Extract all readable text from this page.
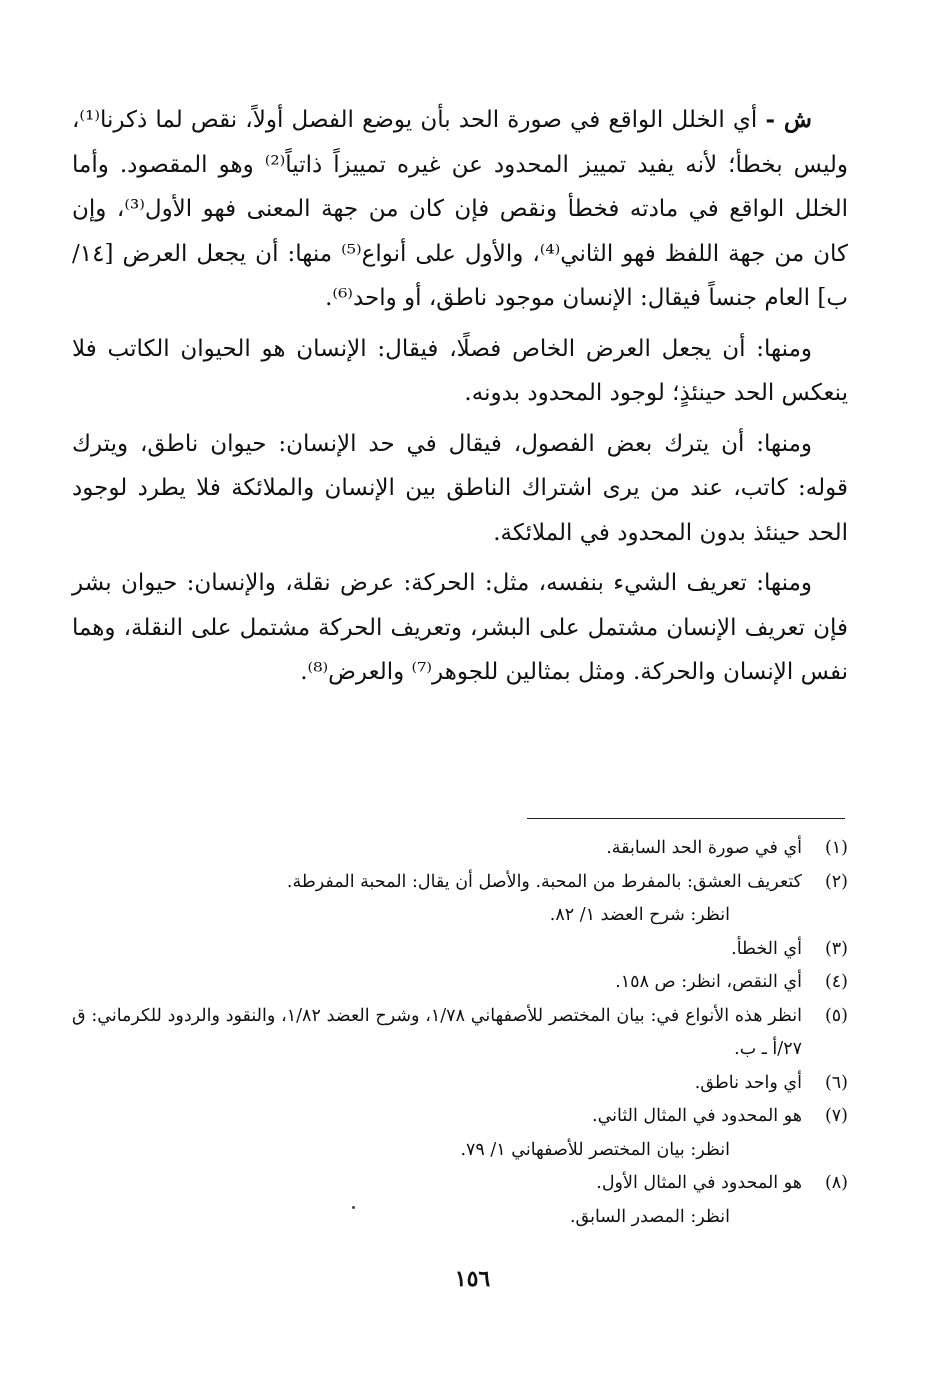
ش - أي الخلل الواقع في صورة الحد بأن يوضع الفصل أولاً، نقص لما ذكرنا⁽¹⁾، وليس بخطأ؛ لأنه يفيد تمييز المحدود عن غيره تمييزاً ذاتياً⁽²⁾ وهو المقصود. وأما الخلل الواقع في مادته فخطأ ونقص فإن كان من جهة المعنى فهو الأول⁽³⁾، وإن كان من جهة اللفظ فهو الثاني⁽⁴⁾، والأول على أنواع⁽⁵⁾ منها: أن يجعل العرض [١٤/ب] العام جنساً فيقال: الإنسان موجود ناطق، أو واحد⁽⁶⁾.

ومنها: أن يجعل العرض الخاص فصلًا، فيقال: الإنسان هو الحيوان الكاتب فلا ينعكس الحد حينئذٍ؛ لوجود المحدود بدونه.

ومنها: أن يترك بعض الفصول، فيقال في حد الإنسان: حيوان ناطق، ويترك قوله: كاتب، عند من يرى اشتراك الناطق بين الإنسان والملائكة فلا يطرد لوجود الحد حينئذ بدون المحدود في الملائكة.

ومنها: تعريف الشيء بنفسه، مثل: الحركة: عرض نقلة، والإنسان: حيوان بشر فإن تعريف الإنسان مشتمل على البشر، وتعريف الحركة مشتمل على النقلة، وهما نفس الإنسان والحركة. ومثل بمثالين للجوهر⁽⁷⁾ والعرض⁽⁸⁾.

(١)
أي في صورة الحد السابقة.
(٢)
كتعريف العشق: بالمفرط من المحبة. والأصل أن يقال: المحبة المفرطة.
انظر: شرح العضد ١/ ٨٢.
(٣)
أي الخطأ.
(٤)
أي النقص، انظر: ص ١٥٨.
(٥)
انظر هذه الأنواع في: بيان المختصر للأصفهاني ١/٧٨، وشرح العضد ١/٨٢، والنقود والردود للكرماني: ق ٢٧/أ ـ ب.
(٦)
أي واحد ناطق.
(٧)
هو المحدود في المثال الثاني.
انظر: بيان المختصر للأصفهاني ١/ ٧٩.
(٨)
هو المحدود في المثال الأول.
انظر: المصدر السابق.
١٥٦
